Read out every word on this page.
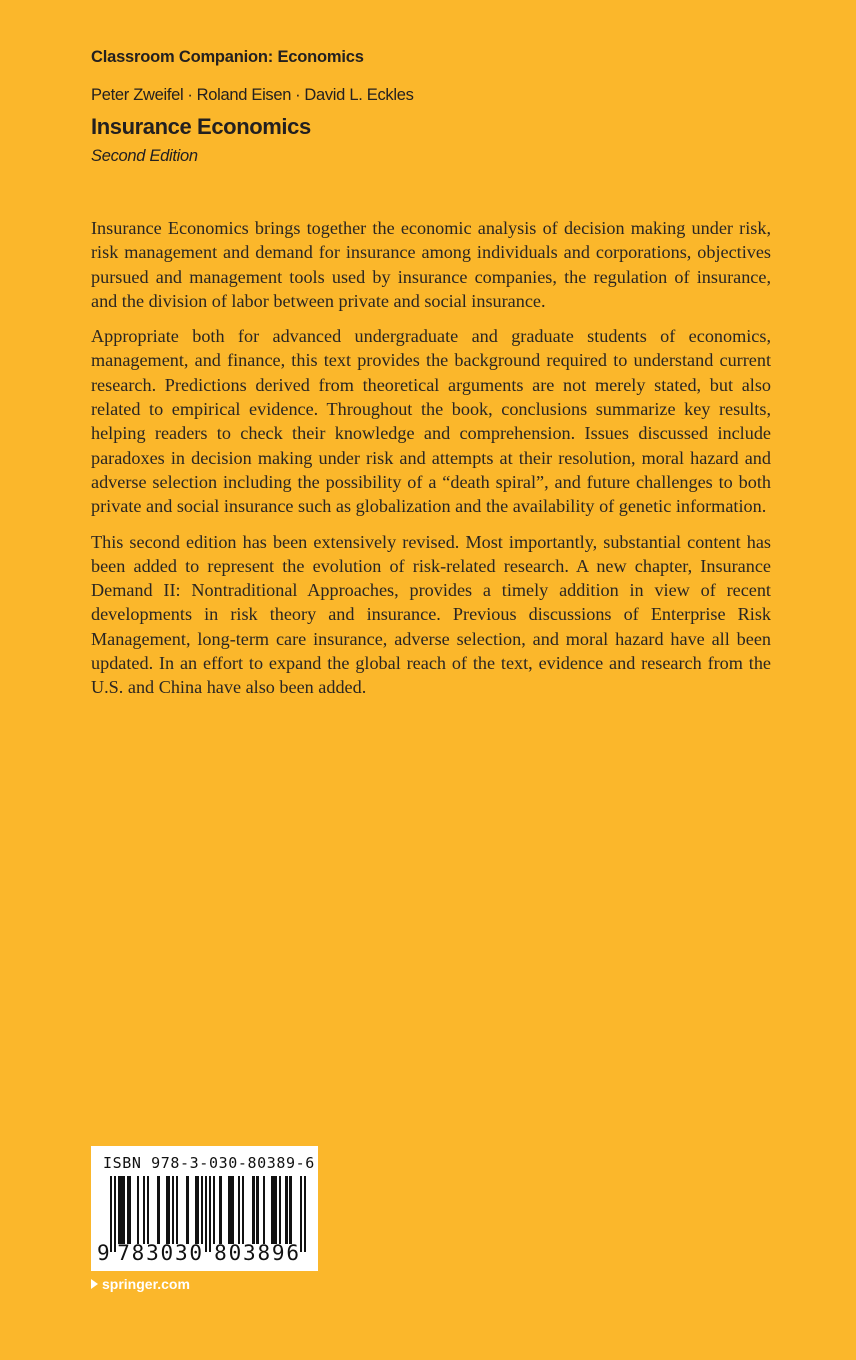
Classroom Companion: Economics
Peter Zweifel · Roland Eisen · David L. Eckles
Insurance Economics
Second Edition

Insurance Economics brings together the economic analysis of decision making under risk, risk management and demand for insurance among individuals and corporations, objectives pursued and management tools used by insurance companies, the regulation of insurance, and the division of labor between private and social insurance.

Appropriate both for advanced undergraduate and graduate students of economics, management, and finance, this text provides the background required to understand current research. Predictions derived from theoretical arguments are not merely stated, but also related to empirical evidence. Throughout the book, conclusions summarize key results, helping readers to check their knowledge and comprehension. Issues discussed include paradoxes in decision making under risk and attempts at their resolution, moral hazard and adverse selection including the possibility of a “death spiral”, and future challenges to both private and social insurance such as globalization and the availability of genetic information.

This second edition has been extensively revised. Most importantly, substantial content has been added to represent the evolution of risk-related research. A new chapter, Insurance Demand II: Nontraditional Approaches, provides a timely addition in view of recent developments in risk theory and insurance. Previous discussions of Enterprise Risk Management, long-term care insurance, adverse selection, and moral hazard have all been updated. In an effort to expand the global reach of the text, evidence and research from the U.S. and China have also been added.

ISBN 978-3-030-80389-6
9 7 8 3 0 3 0 8 0 3 8 9 6
springer.com
